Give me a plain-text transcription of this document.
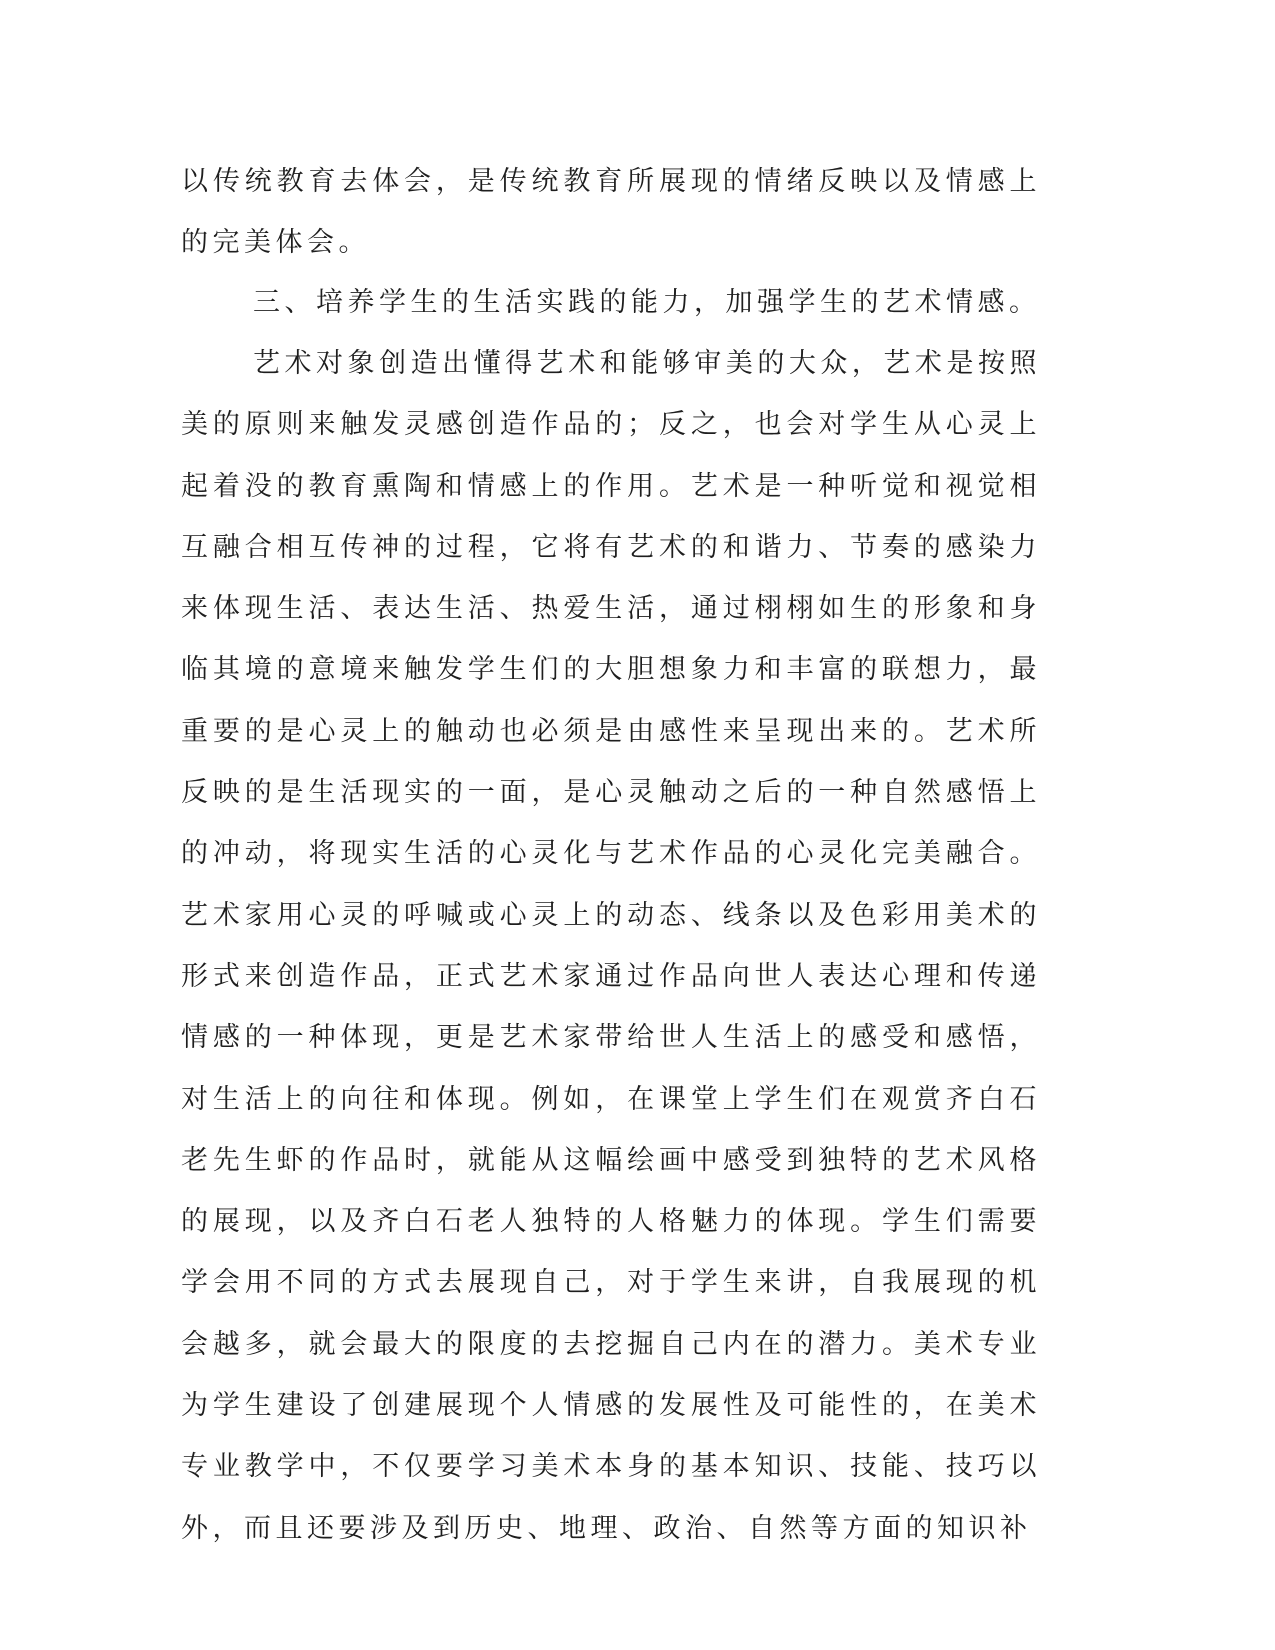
以传统教育去体会，是传统教育所展现的情绪反映以及情感上的完美体会。

三、培养学生的生活实践的能力，加强学生的艺术情感。

艺术对象创造出懂得艺术和能够审美的大众，艺术是按照美的原则来触发灵感创造作品的；反之，也会对学生从心灵上起着没的教育熏陶和情感上的作用。艺术是一种听觉和视觉相互融合相互传神的过程，它将有艺术的和谐力、节奏的感染力来体现生活、表达生活、热爱生活，通过栩栩如生的形象和身临其境的意境来触发学生们的大胆想象力和丰富的联想力，最重要的是心灵上的触动也必须是由感性来呈现出来的。艺术所反映的是生活现实的一面，是心灵触动之后的一种自然感悟上的冲动，将现实生活的心灵化与艺术作品的心灵化完美融合。艺术家用心灵的呼喊或心灵上的动态、线条以及色彩用美术的形式来创造作品，正式艺术家通过作品向世人表达心理和传递情感的一种体现，更是艺术家带给世人生活上的感受和感悟，对生活上的向往和体现。例如，在课堂上学生们在观赏齐白石老先生虾的作品时，就能从这幅绘画中感受到独特的艺术风格的展现，以及齐白石老人独特的人格魅力的体现。学生们需要学会用不同的方式去展现自己，对于学生来讲，自我展现的机会越多，就会最大的限度的去挖掘自己内在的潜力。美术专业为学生建设了创建展现个人情感的发展性及可能性的，在美术专业教学中，不仅要学习美术本身的基本知识、技能、技巧以外，而且还要涉及到历史、地理、政治、自然等方面的知识补
